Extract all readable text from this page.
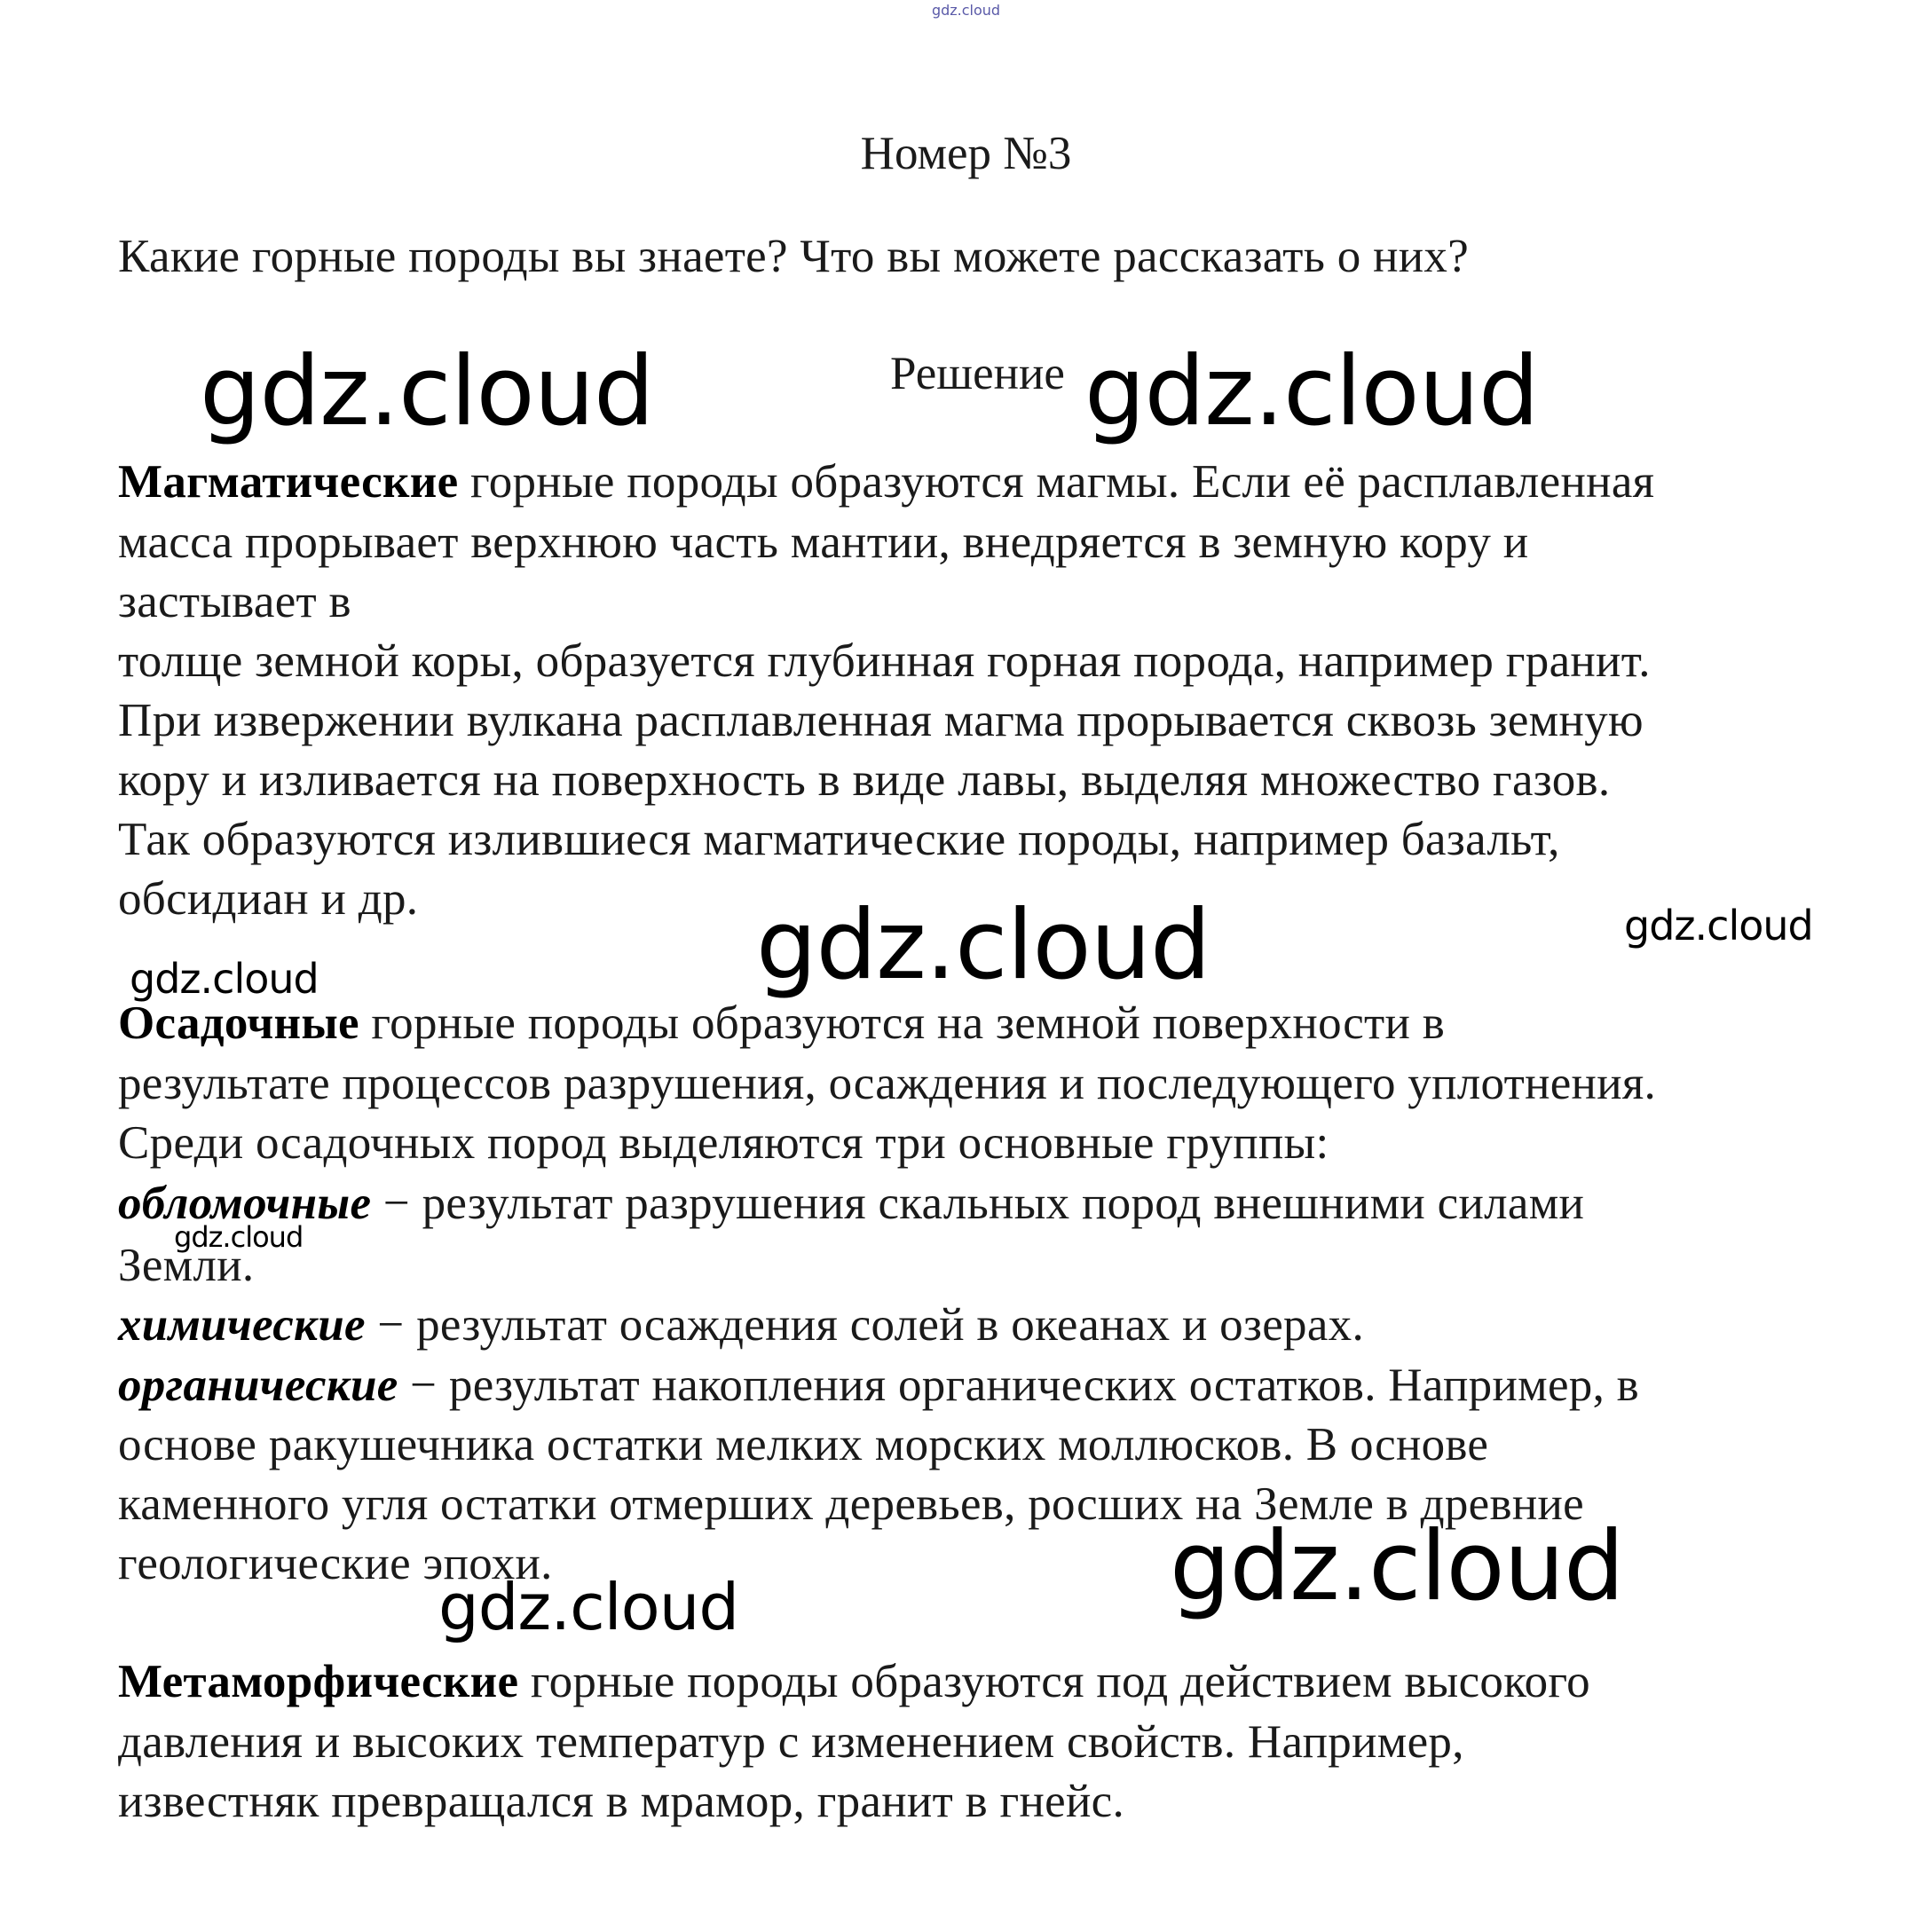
gdz.cloud
Номер №3
Какие горные породы вы знаете? Что вы можете рассказать о них?
gdz.cloud	Решение gdz.cloud
Магматические горные породы образуются магмы. Если её расплавленная
масса прорывает верхнюю часть мантии, внедряется в земную кору и
застывает в
толще земной коры, образуется глубинная горная порода, например гранит.
При извержении вулкана расплавленная магма прорывается сквозь земную
кору и изливается на поверхность в виде лавы, выделяя множество газов.
Так образуются излившиеся магматические породы, например базальт,
обсидиан и др.	gdz.cloud	gdz.cloud
gdz.cloud
Осадочные горные породы образуются на земной поверхности в
результате процессов разрушения, осаждения и последующего уплотнения.
Среди осадочных пород выделяются три основные группы:
обломочные − результат разрушения скальных пород внешними силами
gdz.cloud
Земли.
химические − результат осаждения солей в океанах и озерах.
органические − результат накопления органических остатков. Например, в
основе ракушечника остатки мелких морских моллюсков. В основе
каменного угля остатки отмерших деревьев, росших на Земле в древние
геологические эпохи.	gdz.cloud
gdz.cloud
Метаморфические горные породы образуются под действием высокого
давления и высоких температур с изменением свойств. Например,
известняк превращался в мрамор, гранит в гнейс.
